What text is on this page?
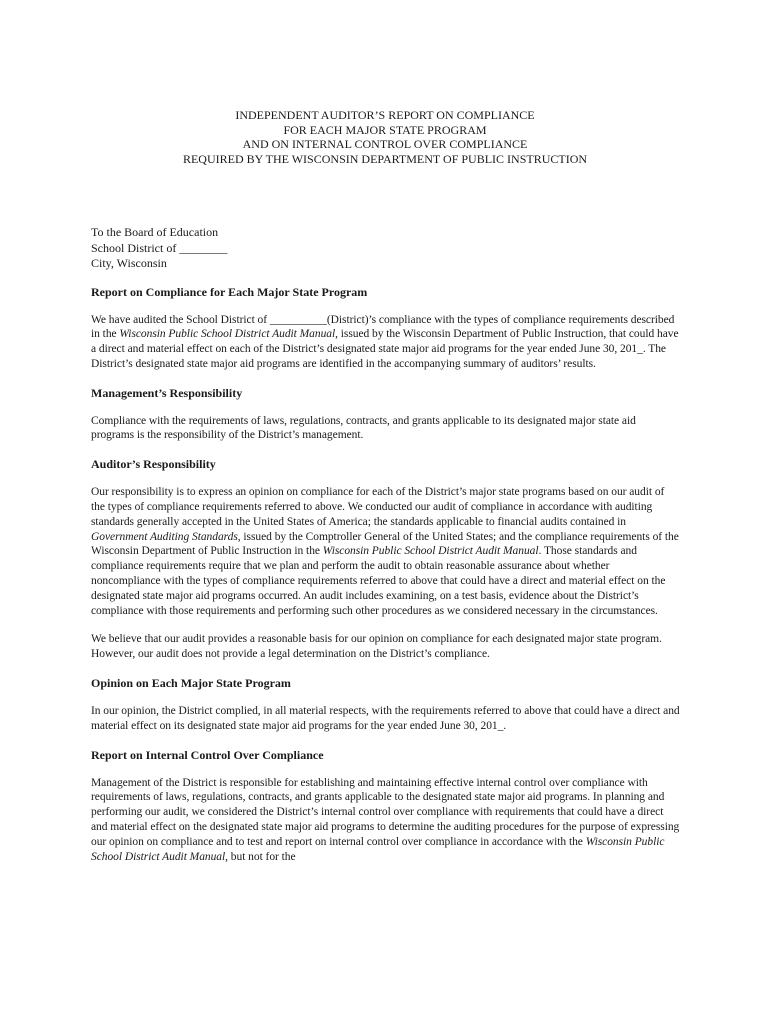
INDEPENDENT AUDITOR’S REPORT ON COMPLIANCE
FOR EACH MAJOR STATE PROGRAM
AND ON INTERNAL CONTROL OVER COMPLIANCE
REQUIRED BY THE WISCONSIN DEPARTMENT OF PUBLIC INSTRUCTION
To the Board of Education
School District of ________
City, Wisconsin
Report on Compliance for Each Major State Program

We have audited the School District of __________(District)’s compliance with the types of compliance requirements described in the Wisconsin Public School District Audit Manual, issued by the Wisconsin Department of Public Instruction, that could have a direct and material effect on each of the District’s designated state major aid programs for the year ended June 30, 201_. The District’s designated state major aid programs are identified in the accompanying summary of auditors’ results.

Management’s Responsibility

Compliance with the requirements of laws, regulations, contracts, and grants applicable to its designated major state aid programs is the responsibility of the District’s management.

Auditor’s Responsibility

Our responsibility is to express an opinion on compliance for each of the District’s major state programs based on our audit of the types of compliance requirements referred to above. We conducted our audit of compliance in accordance with auditing standards generally accepted in the United States of America; the standards applicable to financial audits contained in Government Auditing Standards, issued by the Comptroller General of the United States; and the compliance requirements of the Wisconsin Department of Public Instruction in the Wisconsin Public School District Audit Manual. Those standards and compliance requirements require that we plan and perform the audit to obtain reasonable assurance about whether noncompliance with the types of compliance requirements referred to above that could have a direct and material effect on the designated state major aid programs occurred. An audit includes examining, on a test basis, evidence about the District’s compliance with those requirements and performing such other procedures as we considered necessary in the circumstances.

We believe that our audit provides a reasonable basis for our opinion on compliance for each designated major state program. However, our audit does not provide a legal determination on the District’s compliance.

Opinion on Each Major State Program

In our opinion, the District complied, in all material respects, with the requirements referred to above that could have a direct and material effect on its designated state major aid programs for the year ended June 30, 201_.

Report on Internal Control Over Compliance

Management of the District is responsible for establishing and maintaining effective internal control over compliance with requirements of laws, regulations, contracts, and grants applicable to the designated state major aid programs. In planning and performing our audit, we considered the District’s internal control over compliance with requirements that could have a direct and material effect on the designated state major aid programs to determine the auditing procedures for the purpose of expressing our opinion on compliance and to test and report on internal control over compliance in accordance with the Wisconsin Public School District Audit Manual, but not for the
